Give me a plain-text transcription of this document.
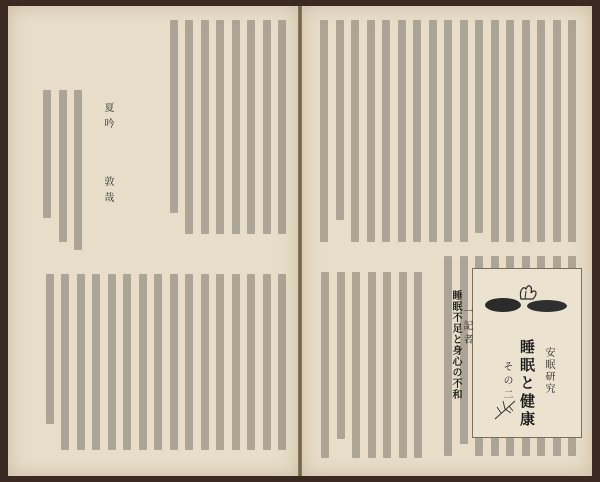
安眠研究
睡眠と健康
その二
一記者
睡眠不足と身心の不和
夏吟
敦哉
